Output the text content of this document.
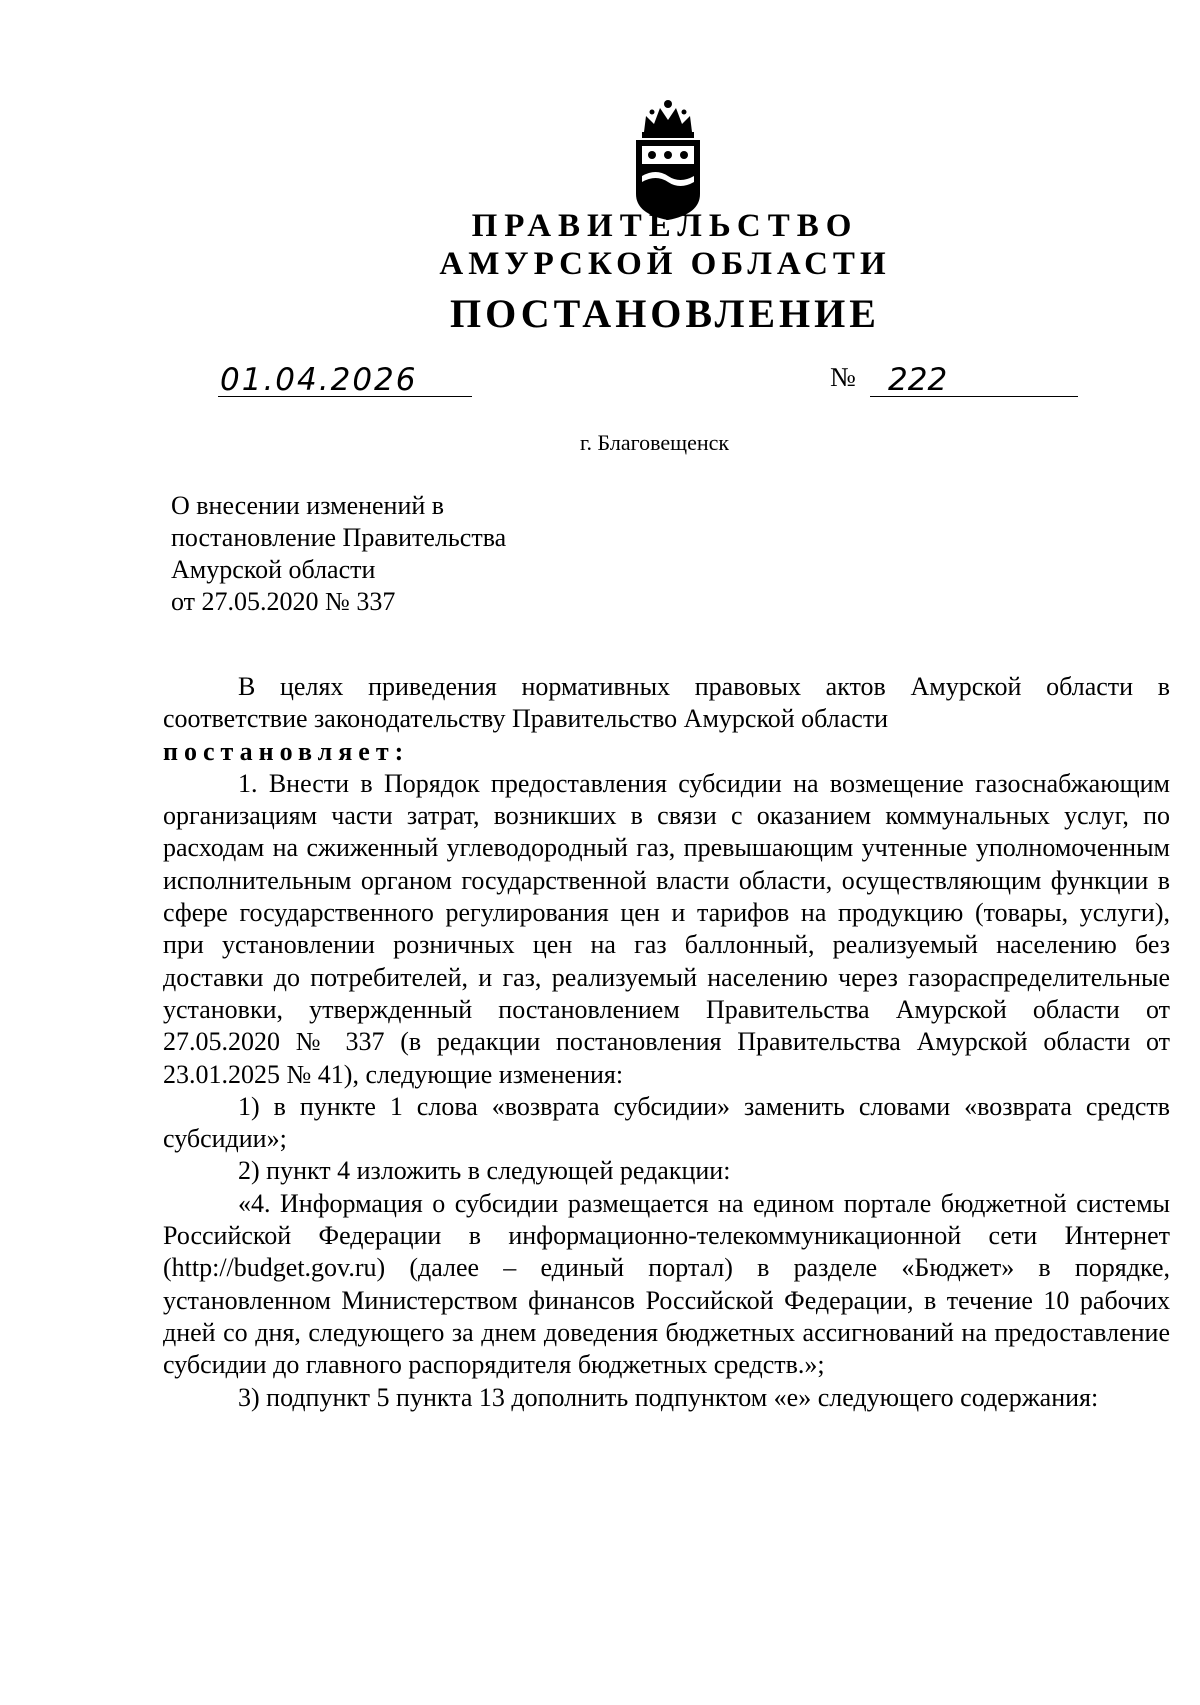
ПРАВИТЕЛЬСТВО
АМУРСКОЙ ОБЛАСТИ
ПОСТАНОВЛЕНИЕ
01.04.2026	№ 222
г. Благовещенск
О внесении изменений в
постановление Правительства
Амурской области
от 27.05.2020 № 337

В целях приведения нормативных правовых актов Амурской области в соответствие законодательству Правительство Амурской области

постановляет:

1. Внести в Порядок предоставления субсидии на возмещение газоснабжающим организациям части затрат, возникших в связи с оказанием коммунальных услуг, по расходам на сжиженный углеводородный газ, превышающим учтенные уполномоченным исполнительным органом государственной власти области, осуществляющим функции в сфере государственного регулирования цен и тарифов на продукцию (товары, услуги), при установлении розничных цен на газ баллонный, реализуемый населению без доставки до потребителей, и газ, реализуемый населению через газораспределительные установки, утвержденный постановлением Правительства Амурской области от 27.05.2020 № 337 (в редакции постановления Правительства Амурской области от 23.01.2025 № 41), следующие изменения:

1) в пункте 1 слова «возврата субсидии» заменить словами «возврата средств субсидии»;

2) пункт 4 изложить в следующей редакции:

«4. Информация о субсидии размещается на едином портале бюджетной системы Российской Федерации в информационно-телекоммуникационной сети Интернет (http://budget.gov.ru) (далее – единый портал) в разделе «Бюджет» в порядке, установленном Министерством финансов Российской Федерации, в течение 10 рабочих дней со дня, следующего за днем доведения бюджетных ассигнований на предоставление субсидии до главного распорядителя бюджетных средств.»;

3) подпункт 5 пункта 13 дополнить подпунктом «е» следующего содержания:
